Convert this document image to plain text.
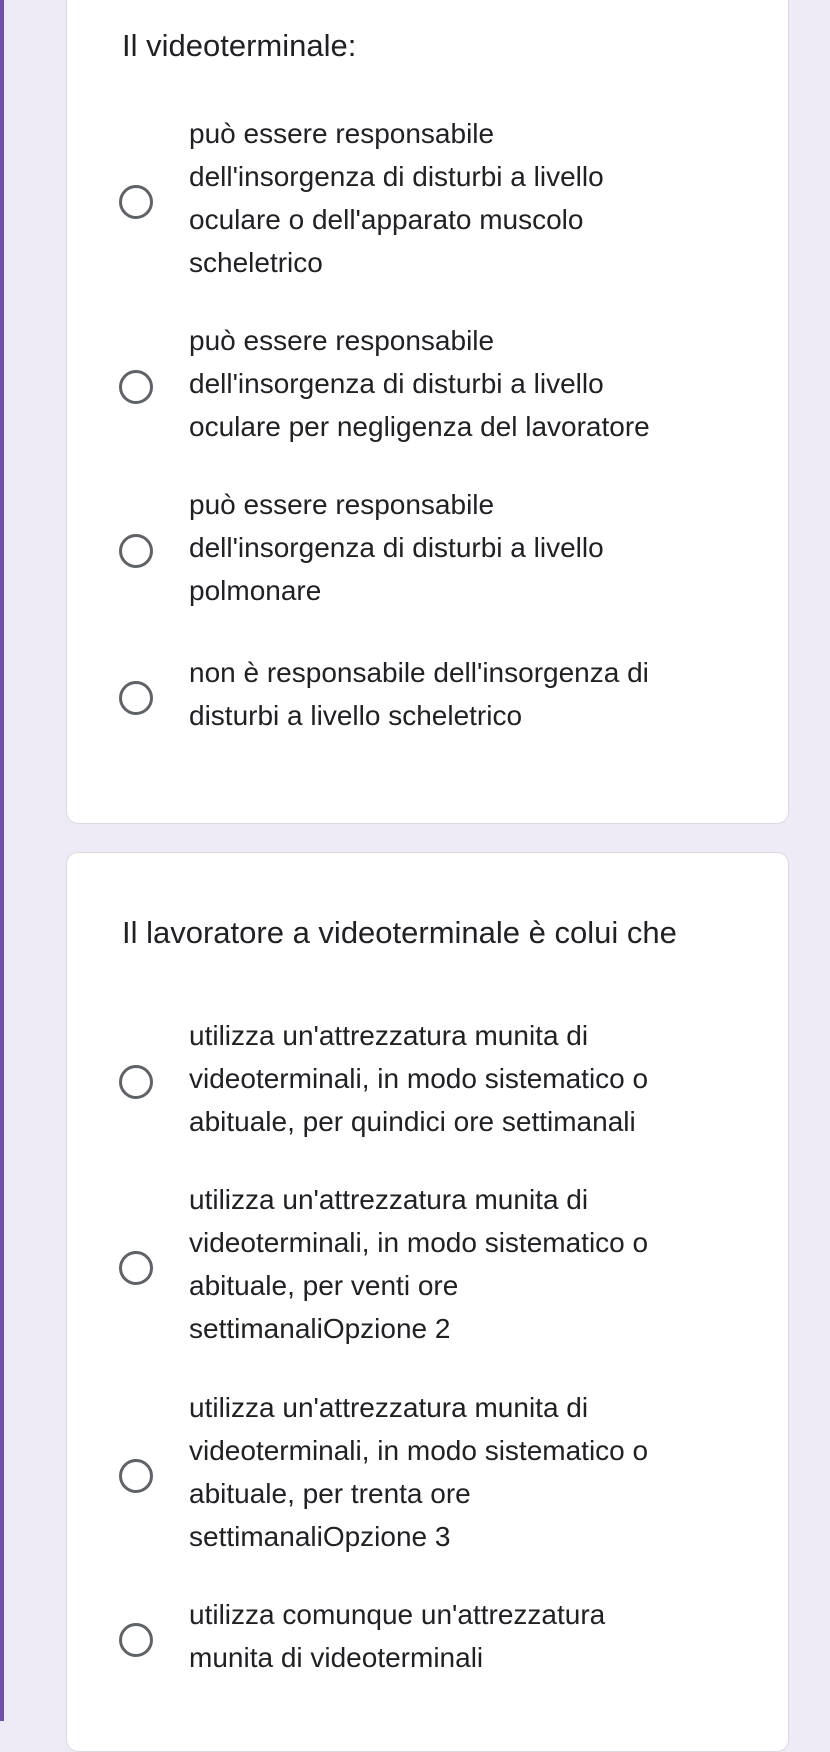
Il videoterminale:

può essere responsabile
dell'insorgenza di disturbi a livello
oculare o dell'apparato muscolo
scheletrico

può essere responsabile
dell'insorgenza di disturbi a livello
oculare per negligenza del lavoratore

può essere responsabile
dell'insorgenza di disturbi a livello
polmonare

non è responsabile dell'insorgenza di
disturbi a livello scheletrico

Il lavoratore a videoterminale è colui che

utilizza un'attrezzatura munita di
videoterminali, in modo sistematico o
abituale, per quindici ore settimanali

utilizza un'attrezzatura munita di
videoterminali, in modo sistematico o
abituale, per venti ore
settimanaliOpzione 2

utilizza un'attrezzatura munita di
videoterminali, in modo sistematico o
abituale, per trenta ore
settimanaliOpzione 3

utilizza comunque un'attrezzatura
munita di videoterminali
